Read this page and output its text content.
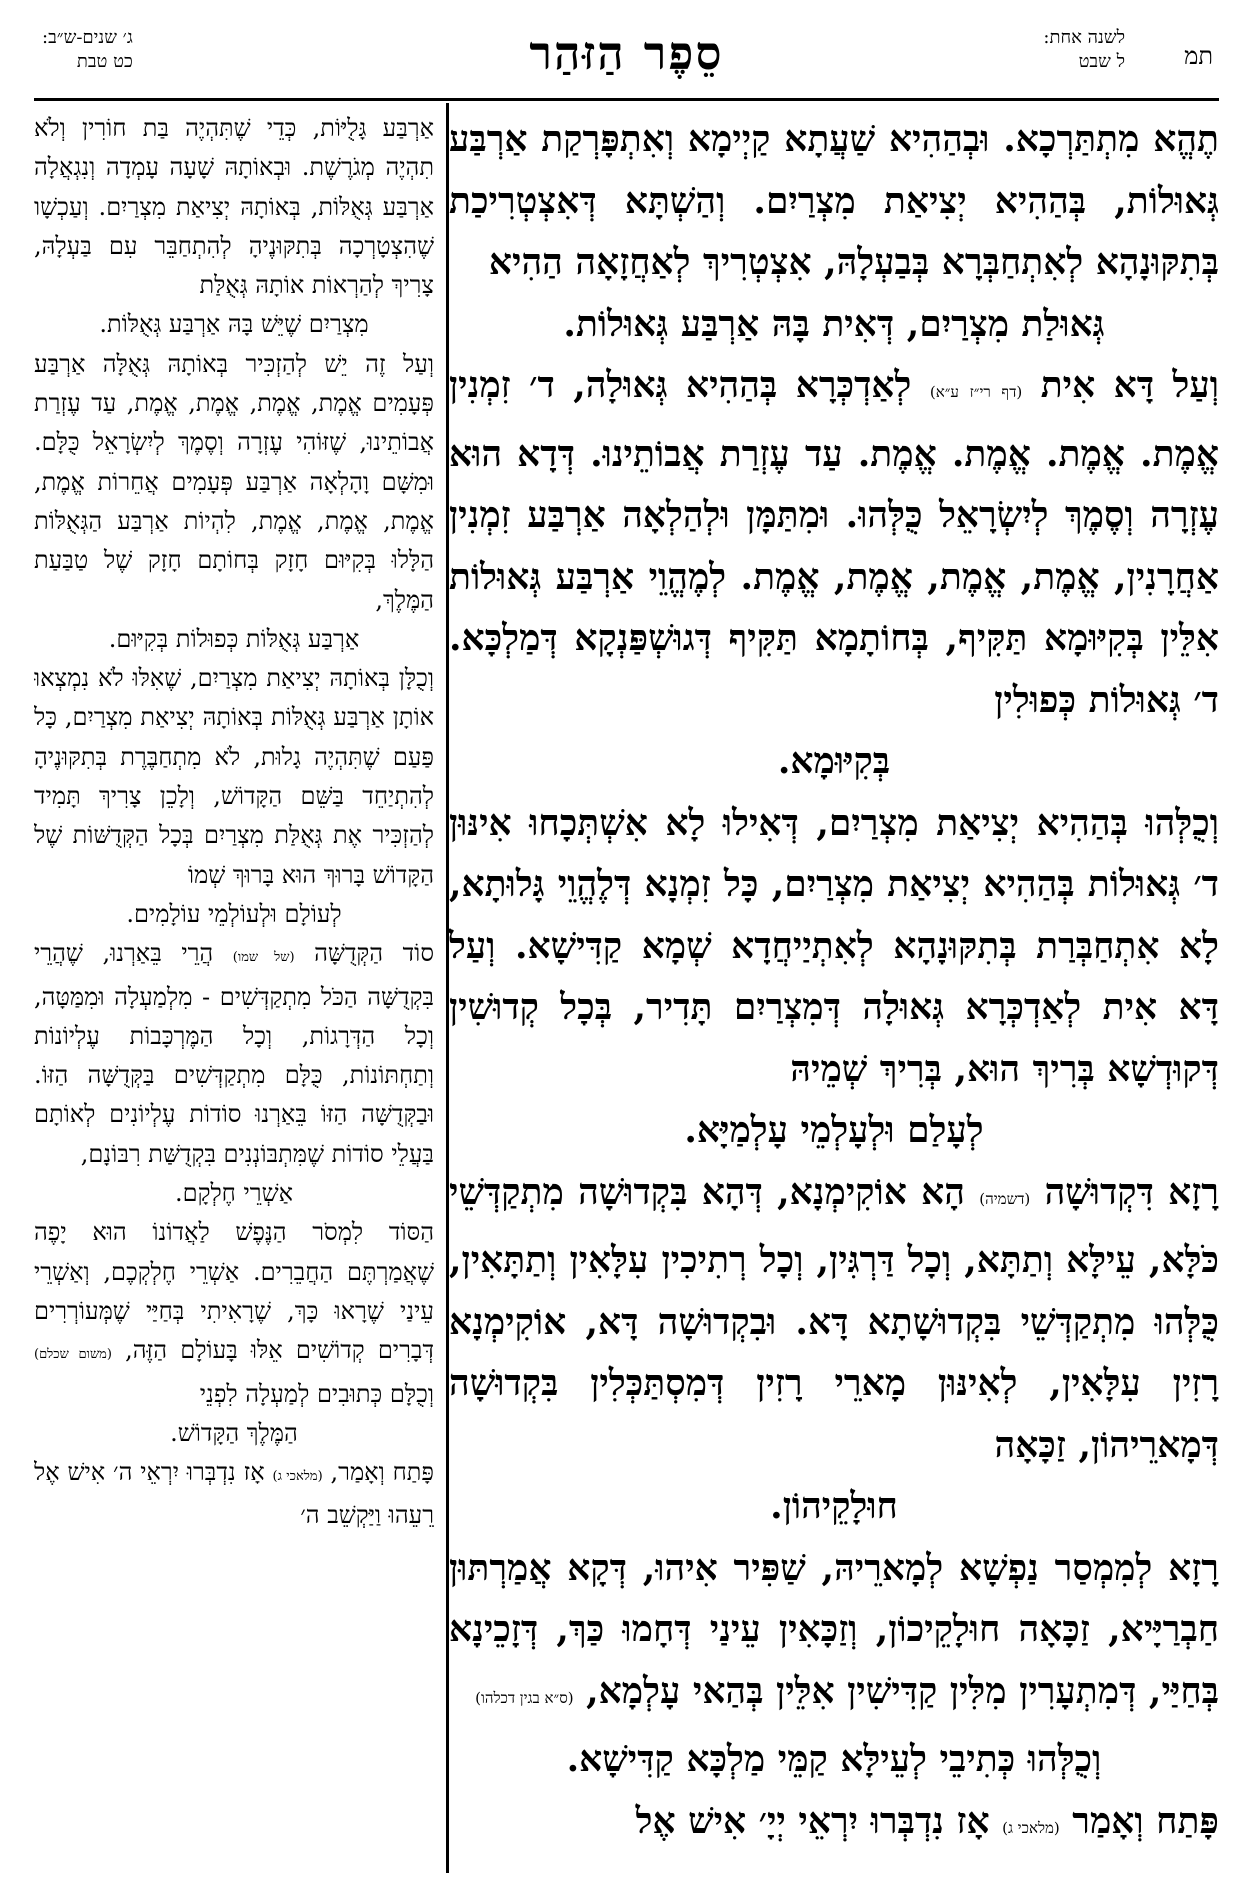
תמ
לשנה אחת:
ל שבט
סֵפֶר הַזּהַר
ג׳ שנים-ש״ב:
כט טבת

תֶהֱא מִתְתַּרְכָא. וּבְהַהִיא שַׁעֲתָא קַיְימָא וְאִתְפָּרְקַת אַרְבַּע גְּאוּלוֹת, בְּהַהִיא יְצִיאַת מִצְרַיִם. וְהַשְׁתָּא דְּאִצְטְרִיכַת בְּתִקּוּנָהָא לְאִתְחַבְּרָא בְּבַעְלָהּ, אִצְטְרִיךְ לְאַחֲזָאָה הַהִיא

גְּאוּלַת מִצְרַיִם, דְּאִית בָּהּ אַרְבַּע גְּאוּלוֹת.

וְעַל דָּא אִית (דף רי״ז ע״א) לְאַדְכְּרָא בְּהַהִיא גְּאוּלָה, ד׳ זִמְנִין אֱמֶת. אֱמֶת. אֱמֶת. אֱמֶת. עַד עֶזְרַת אֲבוֹתֵינוּ. דְּדָא הוּא עֶזְרָה וְסֶמֶךְ לְיִשְׂרָאֵל כֻּלְּהוּ. וּמִתַּמָּן וּלְהַלְאָה אַרְבַּע זִמְנִין אַחֲרָנִין, אֱמֶת, אֱמֶת, אֱמֶת, אֱמֶת. לְמֶהֱוֵי אַרְבַּע גְּאוּלוֹת אִלֵּין בְּקִיּוּמָא תַּקִּיף, בְּחוֹתָמָא תַּקִּיף דְּגוּשְׁפַּנְקָא דְּמַלְכָּא. ד׳ גְּאוּלוֹת כְּפוּלִין

בְּקִיּוּמָא.

וְכֻלְּהוּ בְּהַהִיא יְצִיאַת מִצְרַיִם, דְּאִילוּ לָא אִשְׁתְּכָחוּ אִינּוּן ד׳ גְּאוּלוֹת בְּהַהִיא יְצִיאַת מִצְרַיִם, כָּל זִמְנָא דְּלֶהֱוֵי גָּלוּתָא, לָא אִתְחַבְּרַת בְּתִקּוּנָהָא לְאִתְיַיחֲדָא שְׁמָא קַדִּישָׁא. וְעַל דָּא אִית לְאַדְכְּרָא גְּאוּלָה דְּמִצְרַיִם תָּדִיר, בְּכָל קְדוּשִׁין דְּקוּדְשָׁא בְּרִיךְ הוּא, בְּרִיךְ שְׁמֵיהּ

לְעָלַם וּלְעָלְמֵי עָלְמַיָּא.

רָזָא דִּקְדוּשָׁה (דשמיה) הָא אוֹקִימְנָא, דְּהָא בִּקְדוּשָׁה מִתְקַדְּשֵׁי כֹּלָּא, עֵילָּא וְתַתָּא, וְכָל דַּרְגִּין, וְכָל רְתִיכִין עִלָּאִין וְתַתָּאִין, כֻּלְּהוּ מִתְקַדְּשֵׁי בִּקְדוּשָׁתָא דָּא. וּבִקְדוּשָׁה דָּא, אוֹקִימְנָא רָזִין עִלָּאִין, לְאִינּוּן מָארֵי רָזִין דְּמִסְתַּכְּלִין בִּקְדוּשָׁה דְּמָארֵיהוֹן, זַכָּאָה

חוּלָקֵיהוֹן.

רָזָא לְמִמְסַר נַפְשָׁא לְמָארֵיהּ, שַׁפִּיר אִיהוּ, דְּקָא אֲמַרְתּוּן חַבְרַיָּיא, זַכָּאָה חוּלָקֵיכוֹן, וְזַכָּאִין עֵינַי דְּחָמוּ כַּךְ, דְּזָכֵינָא בְּחַיַּי, דְּמִתְעָרִין מִלִּין קַדִּישִׁין אִלֵּין בְּהַאי עָלְמָא, (ס״א בגין דכלהו)

וְכֻלְּהוּ כְּתִיבֵי לְעֵילָּא קַמֵּי מַלְכָּא קַדִּישָׁא.

פָּתַח וְאָמַר (מלאכי ג) אָז נִדְבְּרוּ יִרְאֵי יְיָ׳ אִישׁ אֶל

אַרְבַּע גָּלֻיּוֹת, כְּדֵי שֶׁתִּהְיֶה בַּת חוֹרִין וְלֹא תִהְיֶה מְגֹרֶשֶׁת. וּבְאוֹתָהּ שָׁעָה עָמְדָה וְנִגְאֲלָה אַרְבַּע גְּאֻלּוֹת, בְּאוֹתָהּ יְצִיאַת מִצְרַיִם. וְעַכְשָׁו שֶׁהִצְטָרְכָה בְּתִקּוּנֶיהָ לְהִתְחַבֵּר עִם בַּעְלָהּ, צָרִיךְ לְהַרְאוֹת אוֹתָהּ גְּאֻלַּת

מִצְרַיִם שֶׁיֵּשׁ בָּהּ אַרְבַּע גְּאֻלּוֹת.

וְעַל זֶה יֵשׁ לְהַזְכִּיר בְּאוֹתָהּ גְּאֻלָּה אַרְבַּע פְּעָמִים אֱמֶת, אֱמֶת, אֱמֶת, אֱמֶת, עַד עֶזְרַת אֲבוֹתֵינוּ, שֶׁזּוֹהִי עֶזְרָה וְסֶמֶךְ לְיִשְׂרָאֵל כֻּלָּם. וּמִשָּׁם וָהָלְאָה אַרְבַּע פְּעָמִים אֲחֵרוֹת אֱמֶת, אֱמֶת, אֱמֶת, אֱמֶת, לִהְיוֹת אַרְבַּע הַגְּאֻלּוֹת הַלָּלוּ בְּקִיּוּם חָזָק בְּחוֹתָם חָזָק שֶׁל טַבַּעַת הַמֶּלֶךְ,

אַרְבַּע גְּאֻלּוֹת כְּפוּלוֹת בְּקִיּוּם.

וְכֻלָּן בְּאוֹתָהּ יְצִיאַת מִצְרַיִם, שֶׁאִלּוּ לֹא נִמְצְאוּ אוֹתָן אַרְבַּע גְּאֻלּוֹת בְּאוֹתָהּ יְצִיאַת מִצְרַיִם, כָּל פַּעַם שֶׁתִּהְיֶה גָלוּת, לֹא מִתְחַבֶּרֶת בְּתִקּוּנֶיהָ לְהִתְיַחֵד בַּשֵּׁם הַקָּדוֹשׁ, וְלָכֵן צָרִיךְ תָּמִיד לְהַזְכִּיר אֶת גְּאֻלַּת מִצְרַיִם בְּכָל הַקְּדֻשּׁוֹת שֶׁל הַקָּדוֹשׁ בָּרוּךְ הוּא בָּרוּךְ שְׁמוֹ

לְעוֹלָם וּלְעוֹלְמֵי עוֹלָמִים.

סוֹד הַקְּדֻשָּׁה (של שמו) הֲרֵי בֵּאַרְנוּ, שֶׁהֲרֵי בִּקְדֻשָּׁה הַכֹּל מִתְקַדְּשִׁים - מִלְמַעְלָה וּמִמַּטָּה, וְכָל הַדְּרָגוֹת, וְכָל הַמֶּרְכָּבוֹת עֶלְיוֹנוֹת וְתַחְתּוֹנוֹת, כֻּלָּם מִתְקַדְּשִׁים בַּקְּדֻשָּׁה הַזּוֹ. וּבַקְּדֻשָּׁה הַזּוֹ בֵּאַרְנוּ סוֹדוֹת עֶלְיוֹנִים לְאוֹתָם בַּעֲלֵי סוֹדוֹת שֶׁמִּתְבּוֹנְנִים בִּקְדֻשַּׁת רִבּוֹנָם,

אַשְׁרֵי חֶלְקָם.

הַסּוֹד לִמְסֹר הַנֶּפֶשׁ לַאֲדוֹנוֹ הוּא יָפֶה שֶׁאֲמַרְתֶּם הַחֲבֵרִים. אַשְׁרֵי חֶלְקְכֶם, וְאַשְׁרֵי עֵינַי שֶׁרָאוּ כָּךְ, שֶׁרָאִיתִי בְּחַיַּי שֶׁמְּעוֹרְרִים דְּבָרִים קְדוֹשִׁים אֵלּוּ בָּעוֹלָם הַזֶּה, (משום שכלם) וְכֻלָּם כְּתוּבִים לְמַעְלָה לִפְנֵי

הַמֶּלֶךְ הַקָּדוֹשׁ.

פָּתַח וְאָמַר, (מלאכי ג) אָז נִדְבְּרוּ יִרְאֵי ה׳ אִישׁ אֶל רֵעֵהוּ וַיַּקְשֵׁב ה׳
